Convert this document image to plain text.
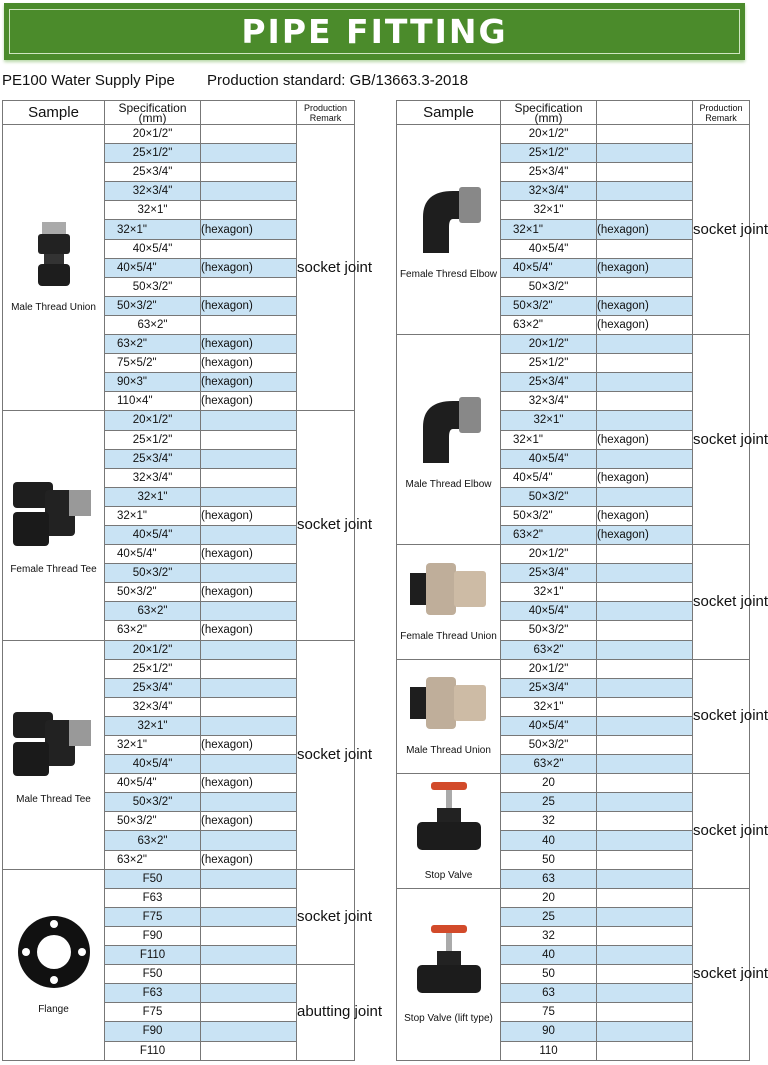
PIPE FITTING
PE100 Water Supply Pipe Production standard: GB/13663.3-2018
Sample	Specification
(mm)		Production
Remark

Male Thread Union	20×1/2"		socket joint
	25×1/2"		
	25×3/4"		
	32×3/4"		
	32×1"		
	32×1"	(hexagon)	
	40×5/4"		
	40×5/4"	(hexagon)	
	50×3/2"		
	50×3/2"	(hexagon)	
	63×2"		
	63×2"	(hexagon)	
	75×5/2"	(hexagon)	
	90×3"	(hexagon)	
	110×4"	(hexagon)	

Female Thread Tee	20×1/2"		socket joint
	25×1/2"		
	25×3/4"		
	32×3/4"		
	32×1"		
	32×1"	(hexagon)	
	40×5/4"		
	40×5/4"	(hexagon)	
	50×3/2"		
	50×3/2"	(hexagon)	
	63×2"		
	63×2"	(hexagon)	

Male Thread Tee	20×1/2"		socket joint
	25×1/2"		
	25×3/4"		
	32×3/4"		
	32×1"		
	32×1"	(hexagon)	
	40×5/4"		
	40×5/4"	(hexagon)	
	50×3/2"		
	50×3/2"	(hexagon)	
	63×2"		
	63×2"	(hexagon)	

Flange	F50		socket joint
	F63		
	F75		
	F90		
	F110		
	F50		abutting joint
	F63		
	F75		
	F90		
	F110		
Sample	Specification
(mm)		Production
Remark

Female Thresd Elbow	20×1/2"		socket joint
	25×1/2"		
	25×3/4"		
	32×3/4"		
	32×1"		
	32×1"	(hexagon)	
	40×5/4"		
	40×5/4"	(hexagon)	
	50×3/2"		
	50×3/2"	(hexagon)	
	63×2"	(hexagon)	

Male Thread Elbow	20×1/2"		socket joint
	25×1/2"		
	25×3/4"		
	32×3/4"		
	32×1"		
	32×1"	(hexagon)	
	40×5/4"		
	40×5/4"	(hexagon)	
	50×3/2"		
	50×3/2"	(hexagon)	
	63×2"	(hexagon)	

Female Thread Union	20×1/2"		socket joint
	25×3/4"		
	32×1"		
	40×5/4"		
	50×3/2"		
	63×2"		

Male Thread Union	20×1/2"		socket joint
	25×3/4"		
	32×1"		
	40×5/4"		
	50×3/2"		
	63×2"		

Stop Valve	20		socket joint
	25		
	32		
	40		
	50		
	63		

Stop Valve (lift type)	20		socket joint
	25		
	32		
	40		
	50		
	63		
	75		
	90		
	110		
